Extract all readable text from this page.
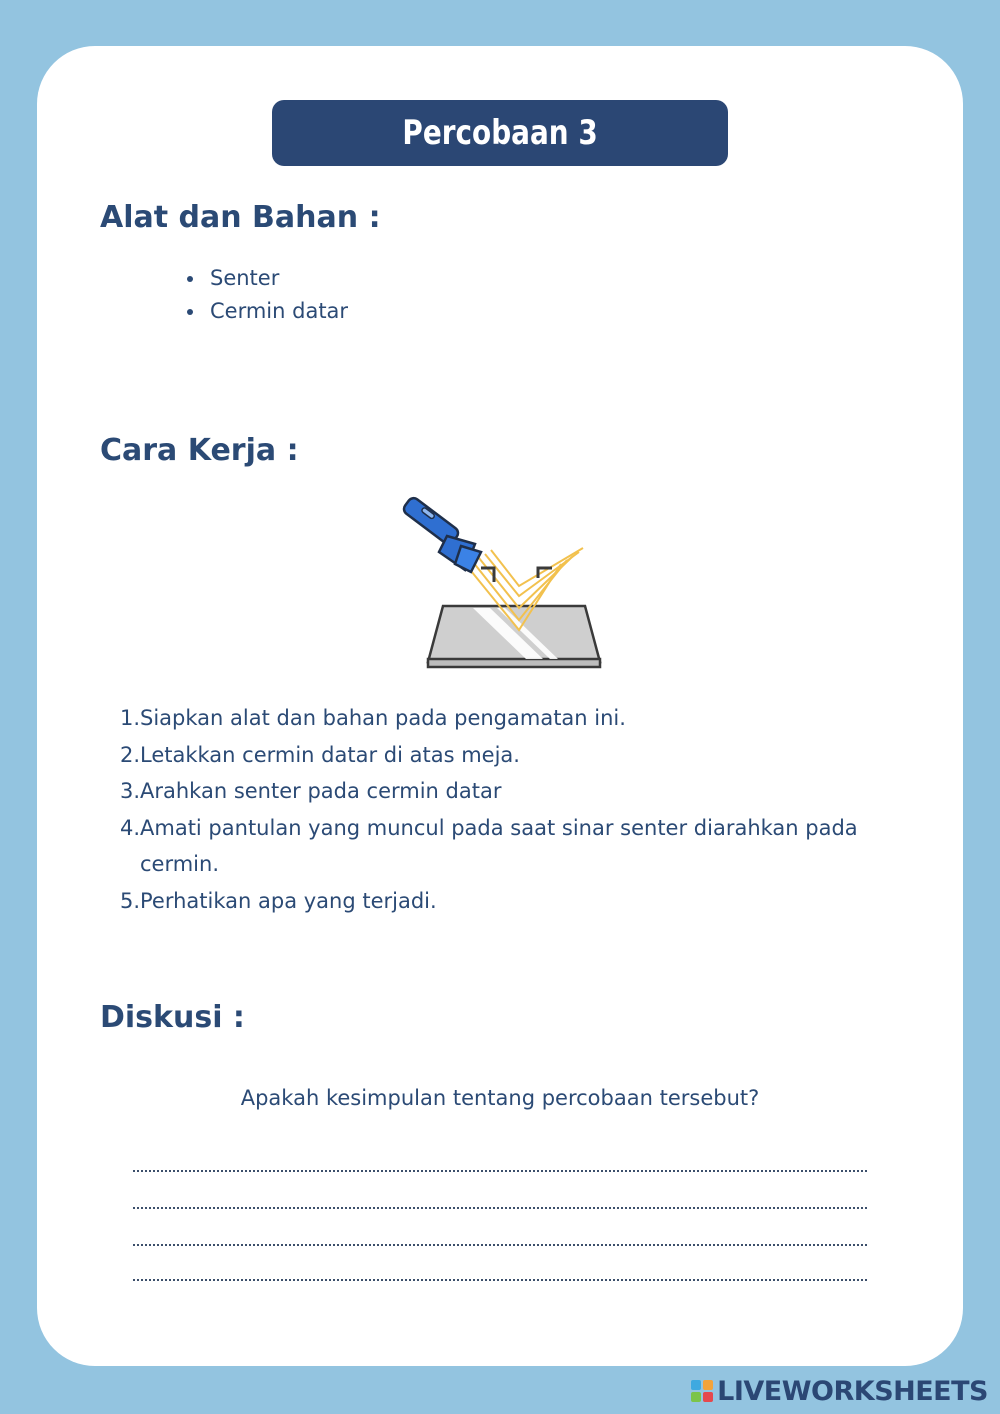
Percobaan 3
Alat dan Bahan :
Senter
Cermin datar
Cara Kerja :
1. Siapkan alat dan bahan pada pengamatan ini.
2. Letakkan cermin datar di atas meja.
3. Arahkan senter pada cermin datar
4. Amati pantulan yang muncul pada saat sinar senter diarahkan pada cermin.
5. Perhatikan apa yang terjadi.
Diskusi :

Apakah kesimpulan tentang percobaan tersebut?

LIVEWORKSHEETS
